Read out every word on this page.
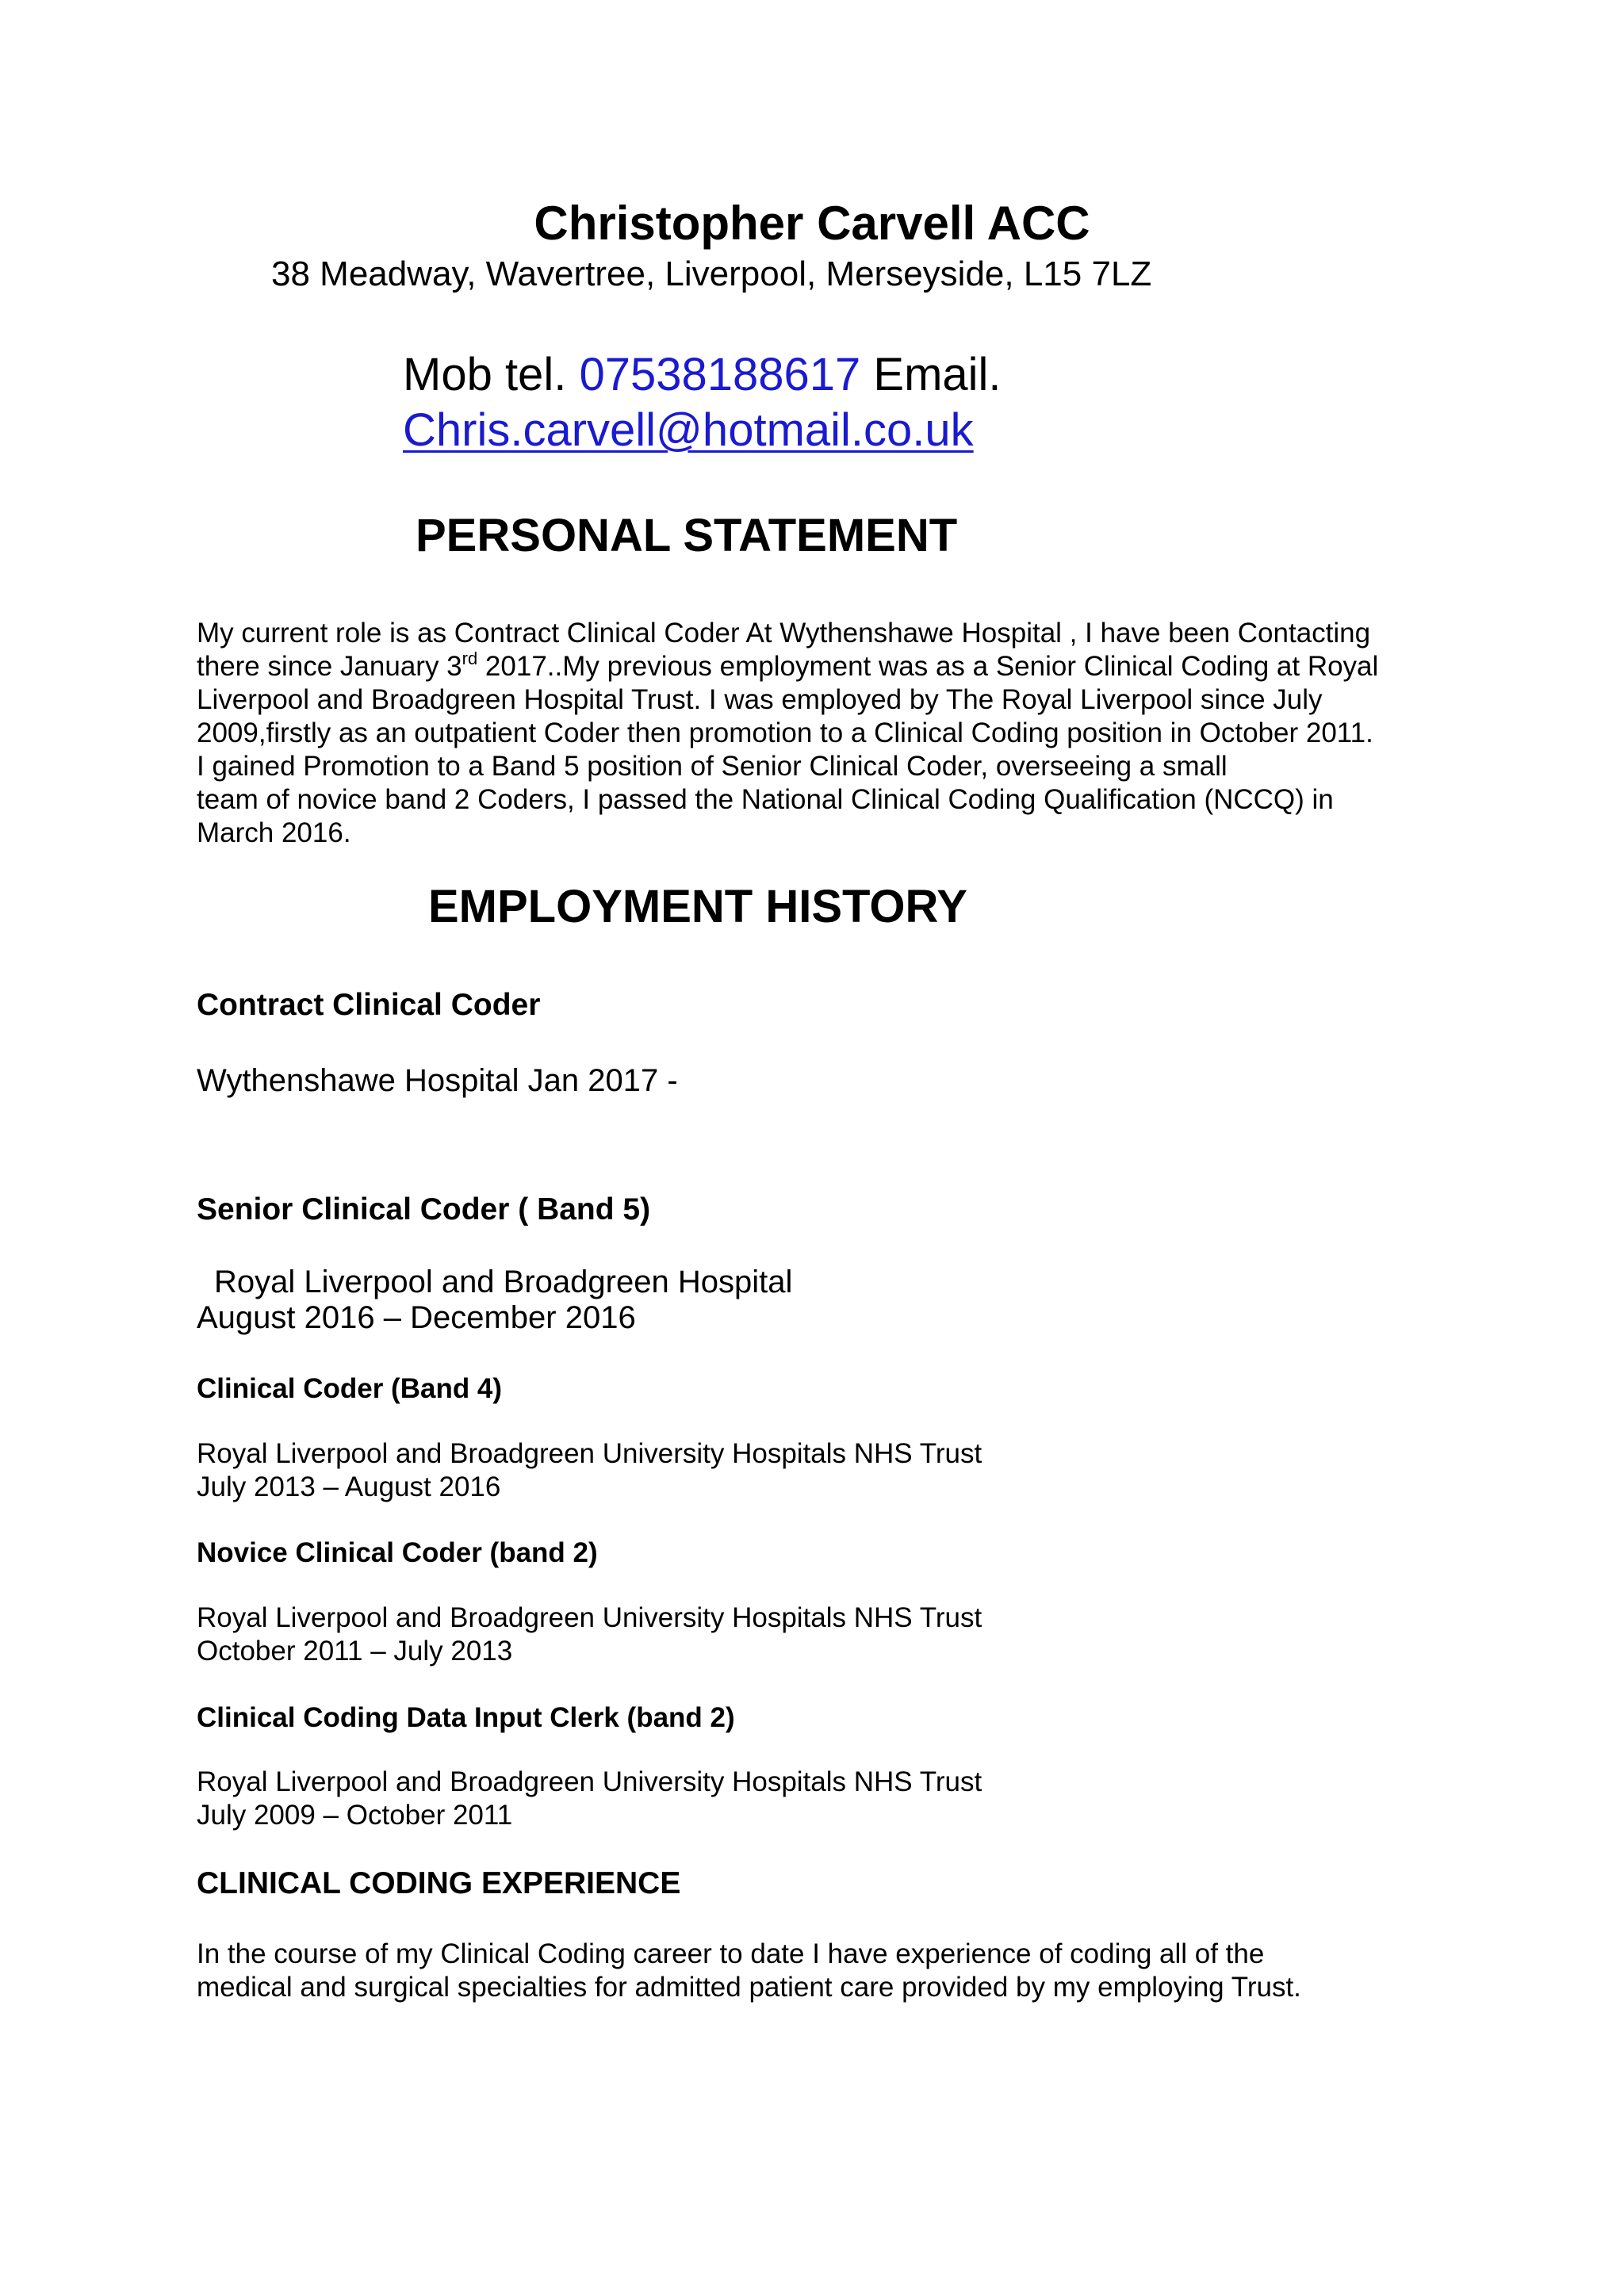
Christopher Carvell ACC
38 Meadway, Wavertree, Liverpool, Merseyside, L15 7LZ
Mob tel. 07538188617 Email.
Chris.carvell@hotmail.co.uk
PERSONAL STATEMENT
My current role is as Contract Clinical Coder At Wythenshawe Hospital , I have been Contacting
there since January 3rd 2017..My previous employment was as a Senior Clinical Coding at Royal
Liverpool and Broadgreen Hospital Trust. I was employed by The Royal Liverpool since July
2009,firstly as an outpatient Coder then promotion to a Clinical Coding position in October 2011.
I gained Promotion to a Band 5 position of Senior Clinical Coder, overseeing a small
team of novice band 2 Coders, I passed the National Clinical Coding Qualification (NCCQ) in
March 2016.
EMPLOYMENT HISTORY
Contract Clinical Coder
Wythenshawe Hospital Jan 2017 -
Senior Clinical Coder ( Band 5)
Royal Liverpool and Broadgreen Hospital
August 2016 – December 2016
Clinical Coder (Band 4)
Royal Liverpool and Broadgreen University Hospitals NHS Trust
July 2013 – August 2016
Novice Clinical Coder (band 2)
Royal Liverpool and Broadgreen University Hospitals NHS Trust
October 2011 – July 2013
Clinical Coding Data Input Clerk (band 2)
Royal Liverpool and Broadgreen University Hospitals NHS Trust
July 2009 – October 2011
CLINICAL CODING EXPERIENCE
In the course of my Clinical Coding career to date I have experience of coding all of the
medical and surgical specialties for admitted patient care provided by my employing Trust.
